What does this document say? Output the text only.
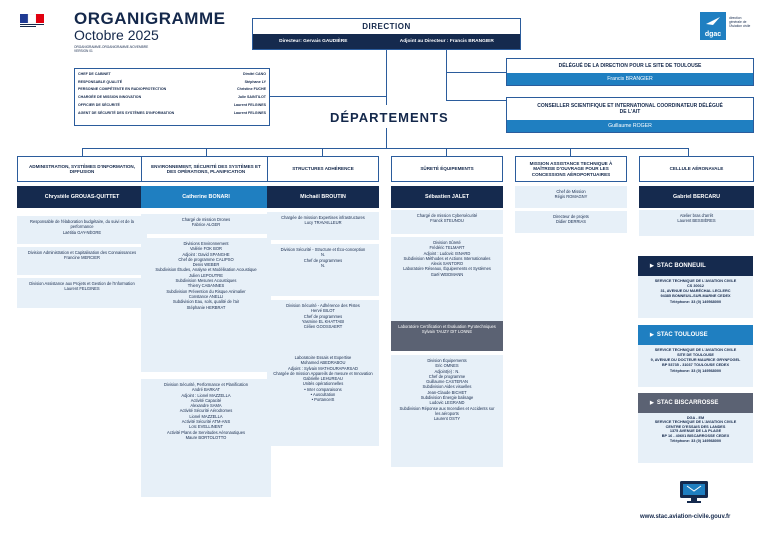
ORGANIGRAMME
Octobre 2025
ORGANIGRAMME-ORGANIGRAMME-NOVEMBRE
VERSION 01
dgac
direction générale de l'Aviation civile
DIRECTION
Directeur: Gervais GAUDIÈRE	Adjoint au Directeur : Francis BRANGIER
CHEF DE CABINET	Dimitri CANO
RESPONSABLE QUALITÉ	Stéphane LY
PERSONNE COMPÉTENTE EN RADIOPROTECTION	Christine FUCHE
CHARGÉE DE MISSION INNOVATION	Julie SAINTILOT
OFFICIER DE SÉCURITÉ	Laurent FELGINES
AGENT DE SÉCURITÉ DES SYSTÈMES D'INFORMATION	Laurent FELGINES
DÉLÉGUÉ DE LA DIRECTION POUR LE SITE DE TOULOUSE
Francis BRANGIER
CONSEILLER SCIENTIFIQUE ET INTERNATIONAL COORDINATEUR DÉLÉGUÉ DE L'AIT
Guillaume ROGER
DÉPARTEMENTS
ADMINISTRATION, SYSTÈMES D'INFORMATION, DIFFUSION
Chrystèle GROUAS-QUITTET
Responsable de l'élaboration budgétaire, du suivi et de la performance
Laëtitia GAY-NÈGRE
Division Administration et Capitalisation des Connaissances
Francine MERCIER
Division Assistance aux Projets et Gestion de l'Information
Laurent FELGINES
ENVIRONNEMENT, SÉCURITÉ DES SYSTÈMES ET DES OPÉRATIONS, PLANIFICATION
Catherine BONARI
Chargé de mission Drones
Fabrice ALGER
Divisions Environnement
Valérie FOK BOR
Adjoint : David SPANGHE
Chef de programme CALIPSO
Denis WEBER
Subdivision Études, Analyse et Modélisation Acoustique
Julien LEPOUTRE
Subdivision Mesures Acoustiques
Thierry CABANNES
Subdivision Prévention du Risque Animalier
Constance ANELLI
Subdivision Eau, sols, qualité de l'air
Stéphanie HERBRAT
Division Sécurité, Performance et Planification
André BARKAT
Adjoint : Lionel MAZZELLA
Activité Capacité
Alexandre SAMA
Activité Sécurité Aérodromes
Lionel MAZZELLA
Activité Sécurité ATM-ANS
Loïc EVELLINENT
Activité Plans de Servitudes Aéronautiques
Maure BORTOLOTTO
STRUCTURES ADHÉRENCE
Michaël BROUTIN
Chargée de mission Expertises infrastructures
Lucy TRAVAILLEUR
Division Sécurité - Structure et Éco-conception
N.
Chef de programmes
N.
Division Sécurité - Adhérence des Pistes
Hervé BILOT
Chef de programmes
Yasmine EL KHATTABI
Célien GOOSSAERT
Laboratoire Essais et Expertise
Mohamed ABEDRABOU
Adjoint : Sylvain MATHOURAPARSAD
Chargée de mission Appareils de mesure et Innovation
Gabrielle LEHUREAU
Unités opérationnelles
• Inter comparaisons
• Auscultation
• PortanceIS
SÛRETÉ ÉQUIPEMENTS
Sébastien JALET
Chargé de mission Cybersécurité
Franck STEUNOU
Division Sûreté
Frédéric TELMART
Adjoint : Ludovic ISNARD
Subdivision Méthodes et Actions Internationales
Alexis SANTORO
Laboratoire Réseaux, Équipements et Systèmes
Gaël WEIDMANN
Laboratoire Certification et Évaluation Pyrotechniques
Sylvain TAUZY DIT LONNE
Division Équipements
Eric OMNES
Adjoint(e) : N.
Chef de programme
Guillaume CASTERAN
Subdivision Aides visuelles
Jean-Claude BICHET
Subdivision Énergie balisage
Ludovic LEGRAND
Subdivision Réponse aux Incendies et Accidents sur les aéroports
Laurent OSTY
MISSION ASSISTANCE TECHNIQUE À MAÎTRISE D'OUVRAGE POUR LES CONCESSIONS AÉROPORTUAIRES
Chef de Mission
Régis ROMAGNY
Directeur de projets
Didier DERRIAS
CELLULE AÉRONAVALE
Gabriel BERCARU
Atelier bras d'arrêt
Laurent BESSIÈRES
▶ STAC BONNEUIL
SERVICE TECHNIQUE DE L'AVIATION CIVILE
CS 30012
31, AVENUE DU MARÉCHAL LECLERC
94385 BONNEUIL-SUR-MARNE CEDEX
Téléphone: 33 (0) 149568000
▶ STAC TOULOUSE
SERVICE TECHNIQUE DE L'AVIATION CIVILE
SITE DE TOULOUSE
9, AVENUE DU DOCTEUR MAURICE GRYNFOGEL
BP 53735 - 31037 TOULOUSE CEDEX
Téléphone: 33 (0) 149568000
▶ STAC BISCARROSSE
DGA - EM
SERVICE TECHNIQUE DE L'AVIATION CIVILE
CENTRE D'ESSAIS DES LANDES
1375 AVENUE DE LA PLAGE
BP 16 - 40601 BISCARROSSE CEDEX
Téléphone: 33 (0) 149568000
www.stac.aviation-civile.gouv.fr
